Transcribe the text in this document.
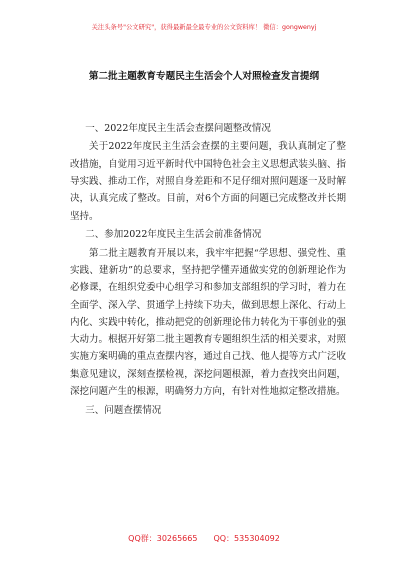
关注头条号"公文研究"，获得最新最全最专业的公文资料库！ 微信：gongwenyj
第二批主题教育专题民主生活会个人对照检查发言提纲

一、2022年度民主生活会查摆问题整改情况

关于2022年度民主生活会查摆的主要问题，我认真制定了整改措施，自觉用习近平新时代中国特色社会主义思想武装头脑、指导实践、推动工作，对照自身差距和不足仔细对照问题逐一及时解决，认真完成了整改。目前，对6个方面的问题已完成整改并长期坚持。

二、参加2022年度民主生活会前准备情况

第二批主题教育开展以来，我牢牢把握“学思想、强党性、重实践、建新功”的总要求，坚持把学懂弄通做实党的创新理论作为必修课，在组织党委中心组学习和参加支部组织的学习时，着力在全面学、深入学、贯通学上持续下功夫，做到思想上深化、行动上内化、实践中转化，推动把党的创新理论伟力转化为干事创业的强大动力。根据开好第二批主题教育专题组织生活的相关要求，对照实施方案明确的重点查摆内容，通过自己找、他人提等方式广泛收集意见建议，深刻查摆检视，深挖问题根源，着力查找突出问题，深挖问题产生的根源，明确努力方向，有针对性地拟定整改措施。

三、问题查摆情况

QQ群：30265665　　QQ：535304092
